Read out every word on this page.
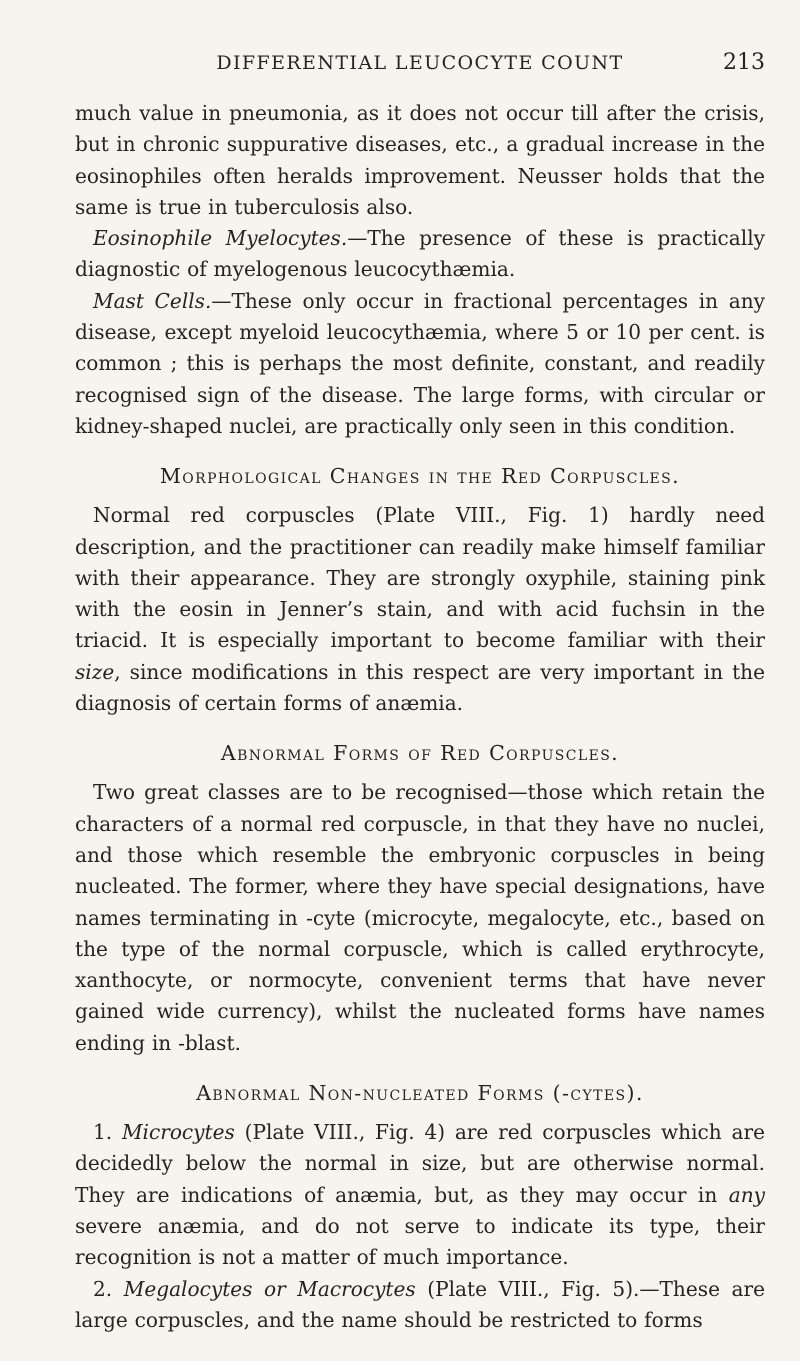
DIFFERENTIAL LEUCOCYTE COUNT	213

much value in pneumonia, as it does not occur till after the crisis, but in chronic suppurative diseases, etc., a gradual increase in the eosinophiles often heralds improvement. Neusser holds that the same is true in tuberculosis also.

Eosinophile Myelocytes.—The presence of these is practically diagnostic of myelogenous leucocythæmia.

Mast Cells.—These only occur in fractional percentages in any disease, except myeloid leucocythæmia, where 5 or 10 per cent. is common ; this is perhaps the most definite, constant, and readily recognised sign of the disease. The large forms, with circular or kidney-shaped nuclei, are practically only seen in this condition.

Morphological Changes in the Red Corpuscles.

Normal red corpuscles (Plate VIII., Fig. 1) hardly need description, and the practitioner can readily make himself familiar with their appearance. They are strongly oxyphile, staining pink with the eosin in Jenner’s stain, and with acid fuchsin in the triacid. It is especially important to become familiar with their size, since modifications in this respect are very important in the diagnosis of certain forms of anæmia.

Abnormal Forms of Red Corpuscles.

Two great classes are to be recognised—those which retain the characters of a normal red corpuscle, in that they have no nuclei, and those which resemble the embryonic corpuscles in being nucleated. The former, where they have special designations, have names terminating in -cyte (microcyte, megalocyte, etc., based on the type of the normal corpuscle, which is called erythrocyte, xanthocyte, or normocyte, convenient terms that have never gained wide currency), whilst the nucleated forms have names ending in -blast.

Abnormal Non-nucleated Forms (-cytes).

1. Microcytes (Plate VIII., Fig. 4) are red corpuscles which are decidedly below the normal in size, but are otherwise normal. They are indications of anæmia, but, as they may occur in any severe anæmia, and do not serve to indicate its type, their recognition is not a matter of much importance.

2. Megalocytes or Macrocytes (Plate VIII., Fig. 5).—These are large corpuscles, and the name should be restricted to forms
